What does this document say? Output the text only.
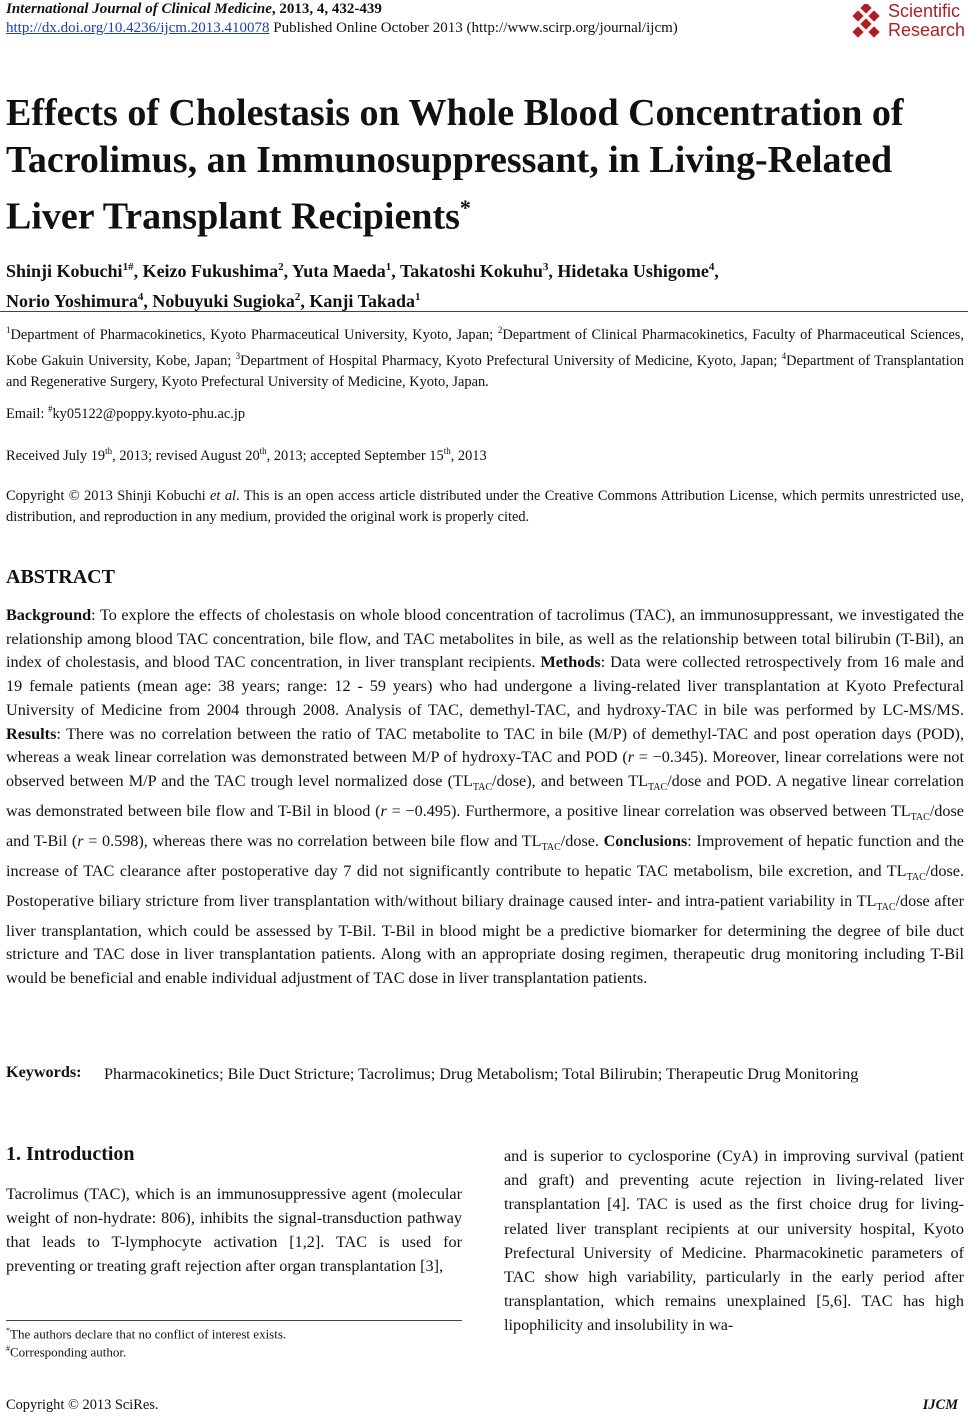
International Journal of Clinical Medicine, 2013, 4, 432-439
http://dx.doi.org/10.4236/ijcm.2013.410078 Published Online October 2013 (http://www.scirp.org/journal/ijcm)
Scientific
Research
Effects of Cholestasis on Whole Blood Concentration of
Tacrolimus, an Immunosuppressant, in Living-Related
Liver Transplant Recipients*
Shinji Kobuchi$^{1\#}$, Keizo Fukushima$^2$, Yuta Maeda$^1$, Takatoshi Kokuhu$^3$, Hidetaka Ushigome$^4$,
Norio Yoshimura$^4$, Nobuyuki Sugioka$^2$, Kanji Takada$^1$
$^1$Department of Pharmacokinetics, Kyoto Pharmaceutical University, Kyoto, Japan; $^2$Department of Clinical Pharmacokinetics, Faculty of Pharmaceutical Sciences, Kobe Gakuin University, Kobe, Japan; $^3$Department of Hospital Pharmacy, Kyoto Prefectural University of Medicine, Kyoto, Japan; $^4$Department of Transplantation and Regenerative Surgery, Kyoto Prefectural University of Medicine, Kyoto, Japan.
Email: #ky05122@poppy.kyoto-phu.ac.jp
Received July 19th, 2013; revised August 20th, 2013; accepted September 15th, 2013
Copyright © 2013 Shinji Kobuchi et al. This is an open access article distributed under the Creative Commons Attribution License, which permits unrestricted use, distribution, and reproduction in any medium, provided the original work is properly cited.
ABSTRACT
Background: To explore the effects of cholestasis on whole blood concentration of tacrolimus (TAC), an immunosuppressant, we investigated the relationship among blood TAC concentration, bile flow, and TAC metabolites in bile, as well as the relationship between total bilirubin (T-Bil), an index of cholestasis, and blood TAC concentration, in liver transplant recipients. Methods: Data were collected retrospectively from 16 male and 19 female patients (mean age: 38 years; range: 12 - 59 years) who had undergone a living-related liver transplantation at Kyoto Prefectural University of Medicine from 2004 through 2008. Analysis of TAC, demethyl-TAC, and hydroxy-TAC in bile was performed by LC-MS/MS. Results: There was no correlation between the ratio of TAC metabolite to TAC in bile (M/P) of demethyl-TAC and post operation days (POD), whereas a weak linear correlation was demonstrated between M/P of hydroxy-TAC and POD (r = −0.345). Moreover, linear correlations were not observed between M/P and the TAC trough level normalized dose $(TL_{TAC}/dose)$, and between $TL_{TAC}$/dose and POD. A negative linear correlation was demonstrated between bile flow and T-Bil in blood (r = −0.495). Furthermore, a positive linear correlation was observed between $TL_{TAC}$/dose and T-Bil (r = 0.598), whereas there was no correlation between bile flow and $TL_{TAC}$/dose. Conclusions: Improvement of hepatic function and the increase of TAC clearance after postoperative day 7 did not significantly contribute to hepatic TAC metabolism, bile excretion, and $TL_{TAC}$/dose. Postoperative biliary stricture from liver transplantation with/without biliary drainage caused inter- and intra-patient variability in $TL_{TAC}$/dose after liver transplantation, which could be assessed by T-Bil. T-Bil in blood might be a predictive biomarker for determining the degree of bile duct stricture and TAC dose in liver transplantation patients. Along with an appropriate dosing regimen, therapeutic drug monitoring including T-Bil would be beneficial and enable individual adjustment of TAC dose in liver transplantation patients.
Keywords: Pharmacokinetics; Bile Duct Stricture; Tacrolimus; Drug Metabolism; Total Bilirubin; Therapeutic Drug Monitoring
1. Introduction
Tacrolimus (TAC), which is an immunosuppressive agent (molecular weight of non-hydrate: 806), inhibits the signal-transduction pathway that leads to T-lymphocyte activation [1,2]. TAC is used for preventing or treating graft rejection after organ transplantation [3],
and is superior to cyclosporine (CyA) in improving survival (patient and graft) and preventing acute rejection in living-related liver transplantation [4]. TAC is used as the first choice drug for living-related liver transplant recipients at our university hospital, Kyoto Prefectural University of Medicine. Pharmacokinetic parameters of TAC show high variability, particularly in the early period after transplantation, which remains unexplained [5,6]. TAC has high lipophilicity and insolubility in wa-
*The authors declare that no conflict of interest exists.
#Corresponding author.
Copyright © 2013 SciRes.	IJCM
